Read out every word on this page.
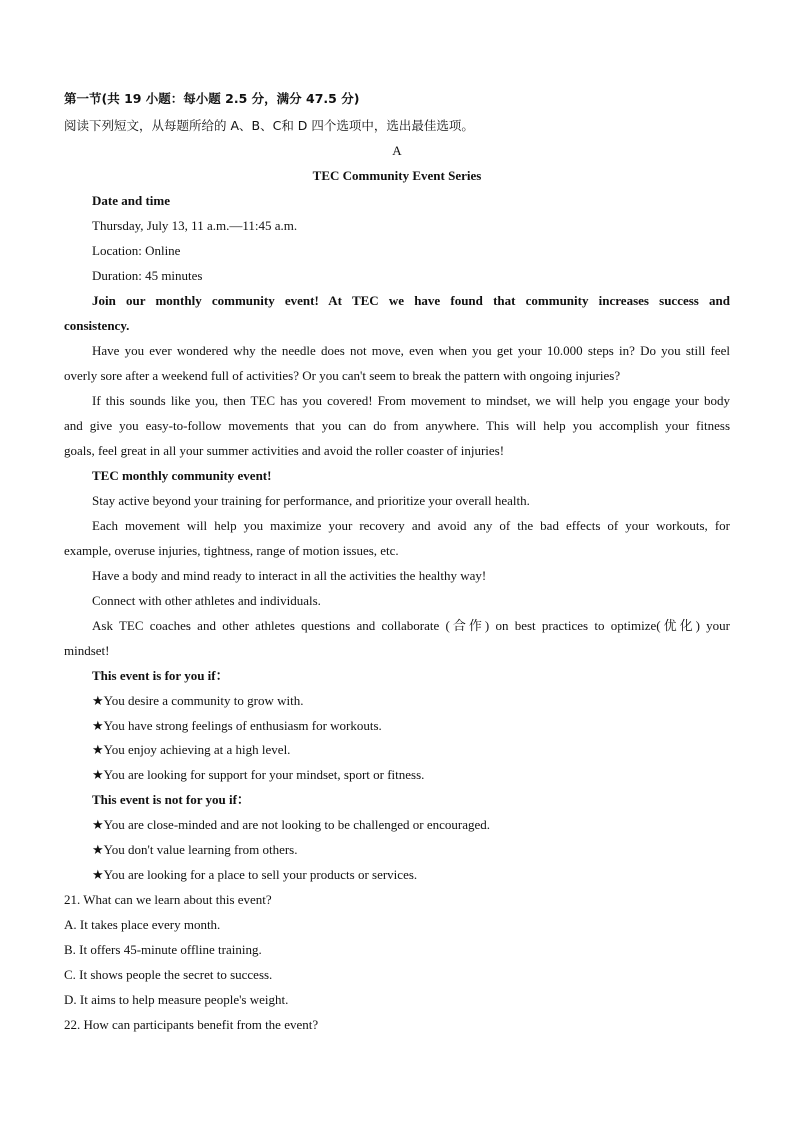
第一节(共 19 小题：每小题 2.5 分，满分 47.5 分)
阅读下列短文，从每题所给的 A、B、C和 D 四个选项中，选出最佳选项。
A
TEC Community Event Series
Date and time
Thursday, July 13, 11 a.m.—11:45 a.m.
Location: Online
Duration: 45 minutes
Join our monthly community event! At TEC we have found that community increases success and
consistency.
Have you ever wondered why the needle does not move, even when you get your 10.000 steps in? Do you still feel
overly sore after a weekend full of activities? Or you can't seem to break the pattern with ongoing injuries?
If this sounds like you, then TEC has you covered! From movement to mindset, we will help you engage your body
and give you easy-to-follow movements that you can do from anywhere. This will help you accomplish your fitness
goals, feel great in all your summer activities and avoid the roller coaster of injuries!
TEC monthly community event!
Stay active beyond your training for performance, and prioritize your overall health.
Each movement will help you maximize your recovery and avoid any of the bad effects of your workouts, for
example, overuse injuries, tightness, range of motion issues, etc.
Have a body and mind ready to interact in all the activities the healthy way!
Connect with other athletes and individuals.
Ask TEC coaches and other athletes questions and collaborate (合作) on best practices to optimize(优化) your
mindset!
This event is for you if：
★You desire a community to grow with.
★You have strong feelings of enthusiasm for workouts.
★You enjoy achieving at a high level.
★You are looking for support for your mindset, sport or fitness.
This event is not for you if：
★You are close-minded and are not looking to be challenged or encouraged.
★You don't value learning from others.
★You are looking for a place to sell your products or services.
21. What can we learn about this event?
A. It takes place every month.
B. It offers 45-minute offline training.
C. It shows people the secret to success.
D. It aims to help measure people's weight.
22. How can participants benefit from the event?
